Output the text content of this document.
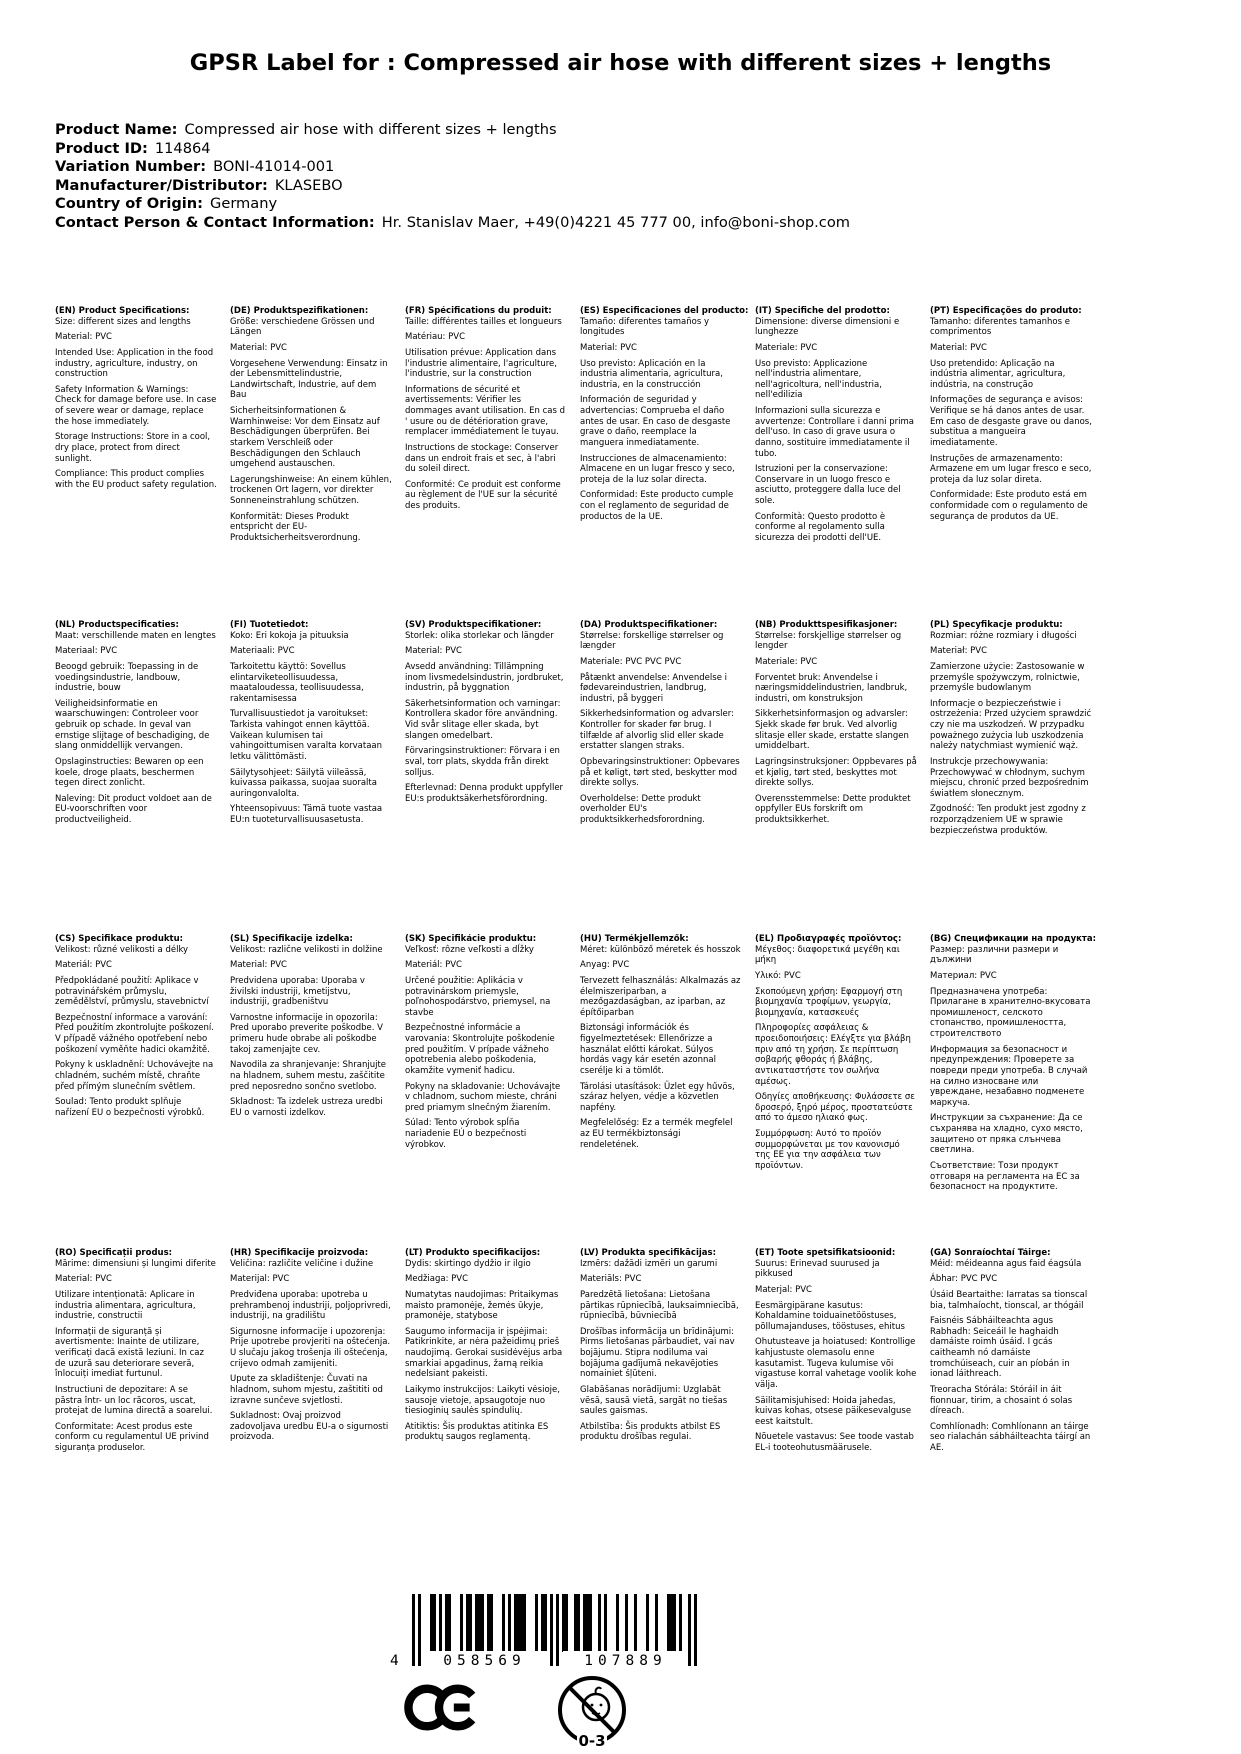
GPSR Label for : Compressed air hose with different sizes + lengths
Product Name: Compressed air hose with different sizes + lengths
Product ID: 114864
Variation Number: BONI-41014-001
Manufacturer/Distributor: KLASEBO
Country of Origin: Germany
Contact Person & Contact Information: Hr. Stanislav Maer, +49(0)4221 45 777 00, info@boni-shop.com
(EN) Product Specifications:
Size: different sizes and lengths
Material: PVC
Intended Use: Application in the food industry, agriculture, industry, on construction
Safety Information & Warnings: Check for damage before use. In case of severe wear or damage, replace the hose immediately.
Storage Instructions: Store in a cool, dry place, protect from direct sunlight.
Compliance: This product complies with the EU product safety regulation.
(DE) Produktspezifikationen:
Größe: verschiedene Grössen und Längen
Material: PVC
Vorgesehene Verwendung: Einsatz in der Lebensmittelindustrie, Landwirtschaft, Industrie, auf dem Bau
Sicherheitsinformationen & Warnhinweise: Vor dem Einsatz auf Beschädigungen überprüfen. Bei starkem Verschleiß oder Beschädigungen den Schlauch umgehend austauschen.
Lagerungshinweise: An einem kühlen, trockenen Ort lagern, vor direkter Sonneneinstrahlung schützen.
Konformität: Dieses Produkt entspricht der EU-Produktsicherheitsverordnung.
(FR) Spécifications du produit:
Taille: différentes tailles et longueurs
Matériau: PVC
Utilisation prévue: Application dans l'industrie alimentaire, l'agriculture, l'industrie, sur la construction
Informations de sécurité et avertissements: Vérifier les dommages avant utilisation. En cas d ' usure ou de détérioration grave, remplacer immédiatement le tuyau.
Instructions de stockage: Conserver dans un endroit frais et sec, à l'abri du soleil direct.
Conformité: Ce produit est conforme au règlement de l'UE sur la sécurité des produits.
(ES) Especificaciones del producto:
Tamaño: diferentes tamaños y longitudes
Material: PVC
Uso previsto: Aplicación en la industria alimentaria, agricultura, industria, en la construcción
Información de seguridad y advertencias: Comprueba el daño antes de usar. En caso de desgaste grave o daño, reemplace la manguera inmediatamente.
Instrucciones de almacenamiento: Almacene en un lugar fresco y seco, proteja de la luz solar directa.
Conformidad: Este producto cumple con el reglamento de seguridad de productos de la UE.
(IT) Specifiche del prodotto:
Dimensione: diverse dimensioni e lunghezze
Materiale: PVC
Uso previsto: Applicazione nell'industria alimentare, nell'agricoltura, nell'industria, nell'edilizia
Informazioni sulla sicurezza e avvertenze: Controllare i danni prima dell'uso. In caso di grave usura o danno, sostituire immediatamente il tubo.
Istruzioni per la conservazione: Conservare in un luogo fresco e asciutto, proteggere dalla luce del sole.
Conformità: Questo prodotto è conforme al regolamento sulla sicurezza dei prodotti dell'UE.
(PT) Especificações do produto:
Tamanho: diferentes tamanhos e comprimentos
Material: PVC
Uso pretendido: Aplicação na indústria alimentar, agricultura, indústria, na construção
Informações de segurança e avisos: Verifique se há danos antes de usar. Em caso de desgaste grave ou danos, substitua a mangueira imediatamente.
Instruções de armazenamento: Armazene em um lugar fresco e seco, proteja da luz solar direta.
Conformidade: Este produto está em conformidade com o regulamento de segurança de produtos da UE.
(NL) Productspecificaties:
Maat: verschillende maten en lengtes
Materiaal: PVC
Beoogd gebruik: Toepassing in de voedingsindustrie, landbouw, industrie, bouw
Veiligheidsinformatie en waarschuwingen: Controleer voor gebruik op schade. In geval van ernstige slijtage of beschadiging, de slang onmiddellijk vervangen.
Opslaginstructies: Bewaren op een koele, droge plaats, beschermen tegen direct zonlicht.
Naleving: Dit product voldoet aan de EU-voorschriften voor productveiligheid.
(FI) Tuotetiedot:
Koko: Eri kokoja ja pituuksia
Materiaali: PVC
Tarkoitettu käyttö: Sovellus elintarviketeollisuudessa, maataloudessa, teollisuudessa, rakentamisessa
Turvallisuustiedot ja varoitukset: Tarkista vahingot ennen käyttöä. Vaikean kulumisen tai vahingoittumisen varalta korvataan letku välittömästi.
Säilytysohjeet: Säilytä viileässä, kuivassa paikassa, suojaa suoralta auringonvalolta.
Yhteensopivuus: Tämä tuote vastaa EU:n tuoteturvallisuusasetusta.
(SV) Produktspecifikationer:
Storlek: olika storlekar och längder
Material: PVC
Avsedd användning: Tillämpning inom livsmedelsindustrin, jordbruket, industrin, på byggnation
Säkerhetsinformation och varningar: Kontrollera skador före användning. Vid svår slitage eller skada, byt slangen omedelbart.
Förvaringsinstruktioner: Förvara i en sval, torr plats, skydda från direkt solljus.
Efterlevnad: Denna produkt uppfyller EU:s produktsäkerhetsförordning.
(DA) Produktspecifikationer:
Størrelse: forskellige størrelser og længder
Materiale: PVC PVC PVC
Påtænkt anvendelse: Anvendelse i fødevareindustrien, landbrug, industri, på byggeri
Sikkerhedsinformation og advarsler: Kontroller for skader før brug. I tilfælde af alvorlig slid eller skade erstatter slangen straks.
Opbevaringsinstruktioner: Opbevares på et køligt, tørt sted, beskytter mod direkte sollys.
Overholdelse: Dette produkt overholder EU's produktsikkerhedsforordning.
(NB) Produkttspesifikasjoner:
Størrelse: forskjellige størrelser og lengder
Materiale: PVC
Forventet bruk: Anvendelse i næringsmiddelindustrien, landbruk, industri, om konstruksjon
Sikkerhetsinformasjon og advarsler: Sjekk skade før bruk. Ved alvorlig slitasje eller skade, erstatte slangen umiddelbart.
Lagringsinstruksjoner: Oppbevares på et kjølig, tørt sted, beskyttes mot direkte sollys.
Overensstemmelse: Dette produktet oppfyller EUs forskrift om produktsikkerhet.
(PL) Specyfikacje produktu:
Rozmiar: różne rozmiary i długości
Materiał: PVC
Zamierzone użycie: Zastosowanie w przemyśle spożywczym, rolnictwie, przemyśle budowlanym
Informacje o bezpieczeństwie i ostrzeżenia: Przed użyciem sprawdzić czy nie ma uszkodzeń. W przypadku poważnego zużycia lub uszkodzenia należy natychmiast wymienić wąż.
Instrukcje przechowywania: Przechowywać w chłodnym, suchym miejscu, chronić przed bezpośrednim światłem słonecznym.
Zgodność: Ten produkt jest zgodny z rozporządzeniem UE w sprawie bezpieczeństwa produktów.
(CS) Specifikace produktu:
Velikost: různé velikosti a délky
Materiál: PVC
Předpokládané použití: Aplikace v potravinářském průmyslu, zemědělství, průmyslu, stavebnictví
Bezpečnostní informace a varování: Před použitím zkontrolujte poškození. V případě vážného opotřebení nebo poškození vyměňte hadici okamžitě.
Pokyny k uskladnění: Uchovávejte na chladném, suchém místě, chraňte před přímým slunečním světlem.
Soulad: Tento produkt splňuje nařízení EU o bezpečnosti výrobků.
(SL) Specifikacije izdelka:
Velikost: različne velikosti in dolžine
Material: PVC
Predvidena uporaba: Uporaba v živilski industriji, kmetijstvu, industriji, gradbeništvu
Varnostne informacije in opozorila: Pred uporabo preverite poškodbe. V primeru hude obrabe ali poškodbe takoj zamenjajte cev.
Navodila za shranjevanje: Shranjujte na hladnem, suhem mestu, zaščitite pred neposredno sončno svetlobo.
Skladnost: Ta izdelek ustreza uredbi EU o varnosti izdelkov.
(SK) Špecifikácie produktu:
Veľkosť: rôzne veľkosti a dĺžky
Materiál: PVC
Určené použitie: Aplikácia v potravinárskom priemysle, poľnohospodárstvo, priemysel, na stavbe
Bezpečnostné informácie a varovania: Skontrolujte poškodenie pred použitím. V prípade vážneho opotrebenia alebo poškodenia, okamžite vymeniť hadicu.
Pokyny na skladovanie: Uchovávajte v chladnom, suchom mieste, chráni pred priamym slnečným žiarením.
Súlad: Tento výrobok spĺňa nariadenie EÚ o bezpečnosti výrobkov.
(HU) Termékjellemzők:
Méret: különböző méretek és hosszok
Anyag: PVC
Tervezett felhasználás: Alkalmazás az élelmiszeriparban, a mezőgazdaságban, az iparban, az építőiparban
Biztonsági információk és figyelmeztetések: Ellenőrizze a használat előtti károkat. Súlyos hordás vagy kár esetén azonnal cserélje ki a tömlőt.
Tárolási utasítások: Üzlet egy hűvös, száraz helyen, védje a közvetlen napfény.
Megfelelőség: Ez a termék megfelel az EU termékbiztonsági rendeletének.
(EL) Προδιαγραφές προϊόντος:
Μέγεθος: διαφορετικά μεγέθη και μήκη
Υλικό: PVC
Σκοπούμενη χρήση: Εφαρμογή στη βιομηχανία τροφίμων, γεωργία, βιομηχανία, κατασκευές
Πληροφορίες ασφάλειας & προειδοποιήσεις: Ελέγξτε για βλάβη πριν από τη χρήση. Σε περίπτωση σοβαρής φθοράς ή βλάβης, αντικαταστήστε τον σωλήνα αμέσως.
Οδηγίες αποθήκευσης: Φυλάσσετε σε δροσερό, ξηρό μέρος, προστατεύστε από το άμεσο ηλιακό φως.
Συμμόρφωση: Αυτό το προϊόν συμμορφώνεται με τον κανονισμό της ΕΕ για την ασφάλεια των προϊόντων.
(BG) Спецификации на продукта:
Размер: различни размери и дължини
Материал: PVC
Предназначена употреба: Прилагане в хранително-вкусовата промишленост, селското стопанство, промишлеността, строителството
Информация за безопасност и предупреждения: Проверете за повреди преди употреба. В случай на силно износване или увреждане, незабавно подменете маркуча.
Инструкции за съхранение: Да се съхранява на хладно, сухо място, защитено от пряка слънчева светлина.
Съответствие: Този продукт отговаря на регламента на ЕС за безопасност на продуктите.
(RO) Specificații produs:
Mărime: dimensiuni și lungimi diferite
Material: PVC
Utilizare intenționată: Aplicare in industria alimentara, agricultura, industrie, constructii
Informații de siguranță și avertismente: Inainte de utilizare, verificați dacă există leziuni. In caz de uzură sau deteriorare severă, înlocuiți imediat furtunul.
Instructiuni de depozitare: A se păstra într- un loc răcoros, uscat, protejat de lumina directă a soarelui.
Conformitate: Acest produs este conform cu regulamentul UE privind siguranța produselor.
(HR) Specifikacije proizvoda:
Veličina: različite veličine i dužine
Materijal: PVC
Predviđena uporaba: upotreba u prehrambenoj industriji, poljoprivredi, industriji, na gradilištu
Sigurnosne informacije i upozorenja: Prije upotrebe provjeriti na oštećenja. U slučaju jakog trošenja ili oštećenja, crijevo odmah zamijeniti.
Upute za skladištenje: Čuvati na hladnom, suhom mjestu, zaštititi od izravne sunčeve svjetlosti.
Sukladnost: Ovaj proizvod zadovoljava uredbu EU-a o sigurnosti proizvoda.
(LT) Produkto specifikacijos:
Dydis: skirtingo dydžio ir ilgio
Medžiaga: PVC
Numatytas naudojimas: Pritaikymas maisto pramonėje, žemės ūkyje, pramonėje, statybose
Saugumo informacija ir įspėjimai: Patikrinkite, ar nėra pažeidimų prieš naudojimą. Gerokai susidėvėjus arba smarkiai apgadinus, žarną reikia nedelsiant pakeisti.
Laikymo instrukcijos: Laikyti vėsioje, sausoje vietoje, apsaugotoje nuo tiesioginių saulės spindulių.
Atitiktis: Šis produktas atitinka ES produktų saugos reglamentą.
(LV) Produkta specifikācijas:
Izmērs: dažādi izmēri un garumi
Materiāls: PVC
Paredzētā lietošana: Lietošana pārtikas rūpniecībā, lauksaimniecībā, rūpniecībā, būvniecībā
Drošības informācija un brīdinājumi: Pirms lietošanas pārbaudiet, vai nav bojājumu. Stipra nodiluma vai bojājuma gadījumā nekavējoties nomainiet šļūteni.
Glabāšanas norādījumi: Uzglabāt vēsā, sausā vietā, sargāt no tiešas saules gaismas.
Atbilstība: Šis produkts atbilst ES produktu drošības regulai.
(ET) Toote spetsifikatsioonid:
Suurus: Erinevad suurused ja pikkused
Materjal: PVC
Eesmärgipärane kasutus: Kohaldamine toiduainetööstuses, põllumajanduses, tööstuses, ehitus
Ohutusteave ja hoiatused: Kontrollige kahjustuste olemasolu enne kasutamist. Tugeva kulumise või vigastuse korral vahetage voolik kohe välja.
Säilitamisjuhised: Hoida jahedas, kuivas kohas, otsese päikesevalguse eest kaitstult.
Nõuetele vastavus: See toode vastab EL-i tooteohutusmäärusele.
(GA) Sonraíochtaí Táirge:
Méid: méideanna agus faid éagsúla
Ábhar: PVC PVC
Úsáid Beartaithe: Iarratas sa tionscal bia, talmhaíocht, tionscal, ar thógáil
Faisnéis Sábháilteachta agus Rabhadh: Seiceáil le haghaidh damáiste roimh úsáid. I gcás caitheamh nó damáiste tromchúiseach, cuir an píobán in ionad láithreach.
Treoracha Stórála: Stóráil in áit fionnuar, tirim, a chosaint ó solas díreach.
Comhlíonadh: Comhlíonann an táirge seo rialachán sábháilteachta táirgí an AE.
4	058569	107889
0-3
